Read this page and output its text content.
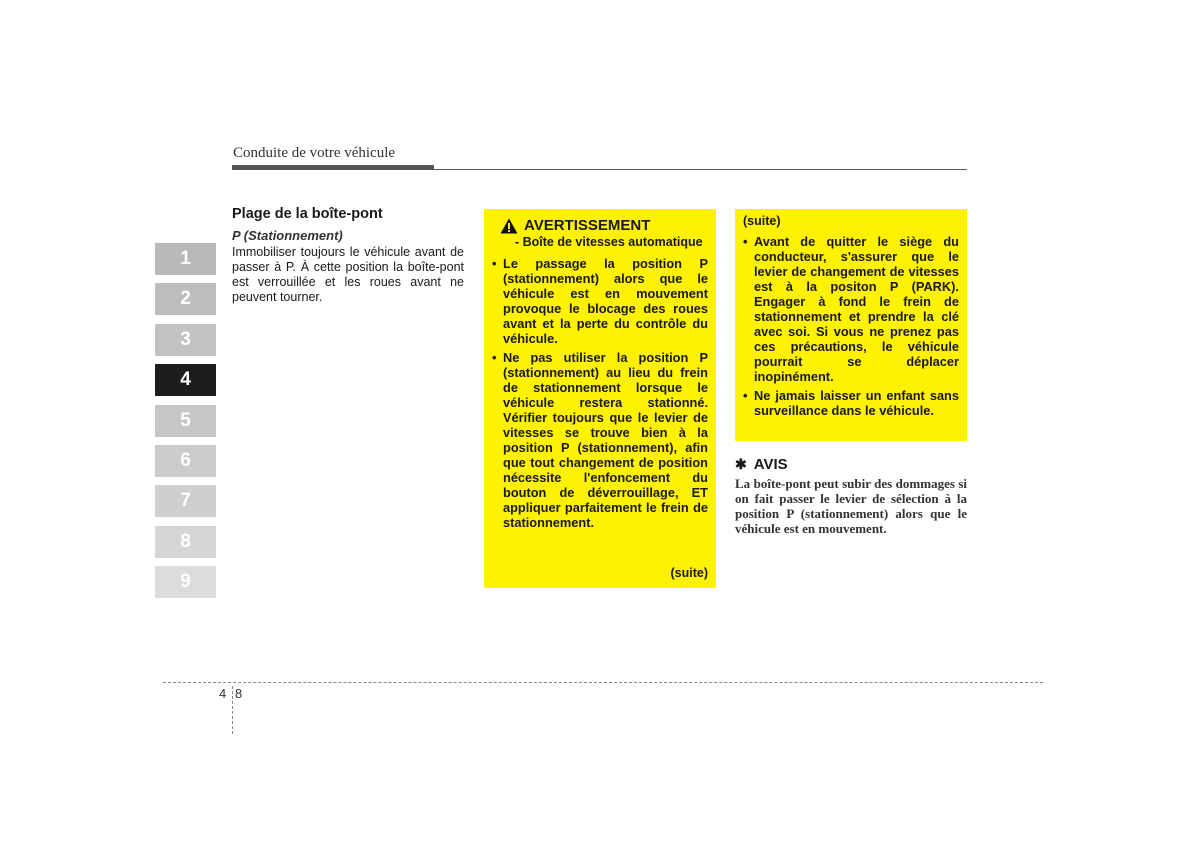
Conduite de votre véhicule
1
2
3
4
5
6
7
8
9
Plage de la boîte-pont
P (Stationnement)
Immobiliser toujours le véhicule avant de passer à P. À cette position la boîte-pont est verrouillée et les roues avant ne peuvent tourner.
AVERTISSEMENT
- Boîte de vitesses automatique
• Le passage la position P (stationnement) alors que le véhicule est en mouvement provoque le blocage des roues avant et la perte du contrôle du véhicule.
• Ne pas utiliser la position P (stationnement) au lieu du frein de stationnement lorsque le véhicule restera stationné. Vérifier toujours que le levier de vitesses se trouve bien à la position P (stationnement), afin que tout changement de position nécessite l'enfoncement du bouton de déverrouillage, ET appliquer parfaitement le frein de stationnement.
(suite)
(suite)
• Avant de quitter le siège du conducteur, s'assurer que le levier de changement de vitesses est à la positon P (PARK). Engager à fond le frein de stationnement et prendre la clé avec soi. Si vous ne prenez pas ces précautions, le véhicule pourrait se déplacer inopinément.
• Ne jamais laisser un enfant sans surveillance dans le véhicule.
✱ AVIS
La boîte-pont peut subir des dommages si on fait passer le levier de sélection à la position P (stationnement) alors que le véhicule est en mouvement.
4 8
